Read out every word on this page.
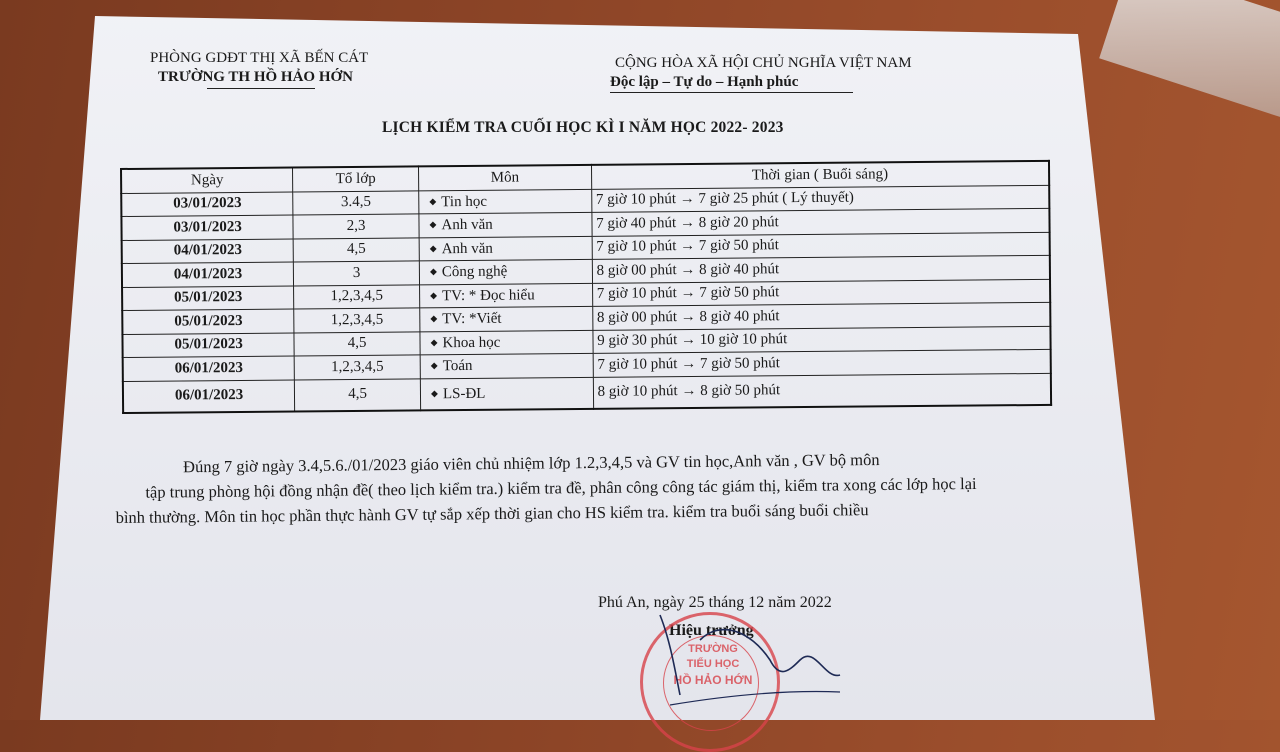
PHÒNG GDĐT THỊ XÃ BẾN CÁT
TRƯỜNG TH HỒ HẢO HỚN
CỘNG HÒA XÃ HỘI CHỦ NGHĨA VIỆT NAM
Độc lập – Tự do – Hạnh phúc
LỊCH KIỂM TRA CUỐI HỌC KÌ I NĂM HỌC 2022- 2023
Ngày	Tổ lớp	Môn	Thời gian ( Buổi sáng)
03/01/2023	3.4,5	◆ Tin học	7 giờ 10 phút → 7 giờ 25 phút ( Lý thuyết)
03/01/2023	2,3	◆ Anh văn	7 giờ 40 phút → 8 giờ 20 phút
04/01/2023	4,5	◆ Anh văn	7 giờ 10 phút → 7 giờ 50 phút
04/01/2023	3	◆ Công nghệ	8 giờ 00 phút → 8 giờ 40 phút
05/01/2023	1,2,3,4,5	◆ TV: * Đọc hiểu	7 giờ 10 phút → 7 giờ 50 phút
05/01/2023	1,2,3,4,5	◆ TV: *Viết	8 giờ 00 phút → 8 giờ 40 phút
05/01/2023	4,5	◆ Khoa học	9 giờ 30 phút → 10 giờ 10 phút
06/01/2023	1,2,3,4,5	◆ Toán	7 giờ 10 phút → 7 giờ 50 phút
06/01/2023	4,5	◆ LS-ĐL	8 giờ 10 phút → 8 giờ 50 phút
Đúng 7 giờ ngày 3.4,5.6./01/2023 giáo viên chủ nhiệm lớp 1.2,3,4,5 và GV tin học,Anh văn , GV bộ môn
tập trung phòng hội đồng nhận đề( theo lịch kiểm tra.) kiểm tra đề, phân công công tác giám thị, kiểm tra xong các lớp học lại
bình thường. Môn tin học phần thực hành GV tự sắp xếp thời gian cho HS kiểm tra. kiểm tra buổi sáng buổi chiều
Phú An, ngày 25 tháng 12 năm 2022
Hiệu trưởng
TRƯỜNG
TIỂU HỌC
HỒ HẢO HỚN
